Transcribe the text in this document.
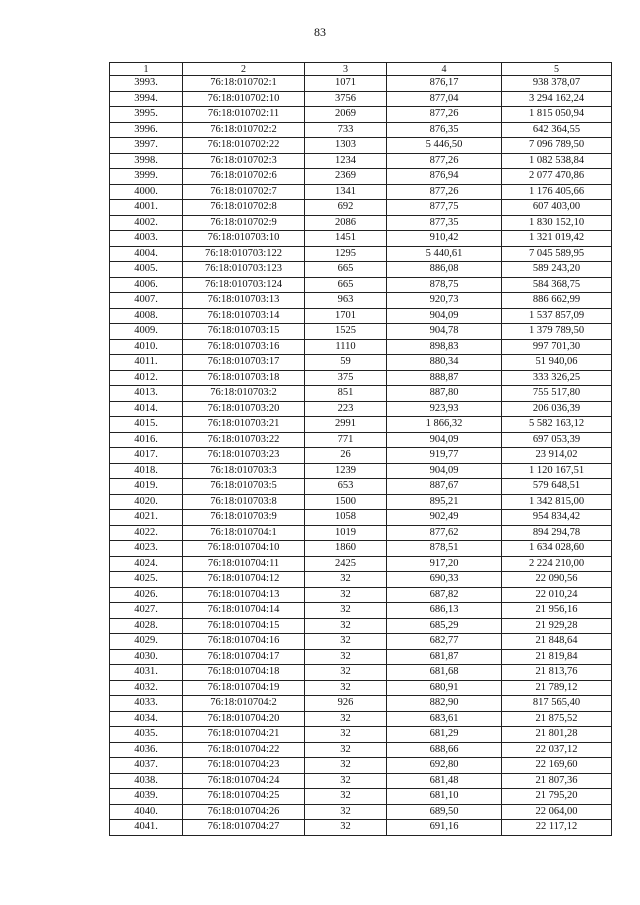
83
1	2	3	4	5
3993.	76:18:010702:1	1071	876,17	938 378,07
3994.	76:18:010702:10	3756	877,04	3 294 162,24
3995.	76:18:010702:11	2069	877,26	1 815 050,94
3996.	76:18:010702:2	733	876,35	642 364,55
3997.	76:18:010702:22	1303	5 446,50	7 096 789,50
3998.	76:18:010702:3	1234	877,26	1 082 538,84
3999.	76:18:010702:6	2369	876,94	2 077 470,86
4000.	76:18:010702:7	1341	877,26	1 176 405,66
4001.	76:18:010702:8	692	877,75	607 403,00
4002.	76:18:010702:9	2086	877,35	1 830 152,10
4003.	76:18:010703:10	1451	910,42	1 321 019,42
4004.	76:18:010703:122	1295	5 440,61	7 045 589,95
4005.	76:18:010703:123	665	886,08	589 243,20
4006.	76:18:010703:124	665	878,75	584 368,75
4007.	76:18:010703:13	963	920,73	886 662,99
4008.	76:18:010703:14	1701	904,09	1 537 857,09
4009.	76:18:010703:15	1525	904,78	1 379 789,50
4010.	76:18:010703:16	1110	898,83	997 701,30
4011.	76:18:010703:17	59	880,34	51 940,06
4012.	76:18:010703:18	375	888,87	333 326,25
4013.	76:18:010703:2	851	887,80	755 517,80
4014.	76:18:010703:20	223	923,93	206 036,39
4015.	76:18:010703:21	2991	1 866,32	5 582 163,12
4016.	76:18:010703:22	771	904,09	697 053,39
4017.	76:18:010703:23	26	919,77	23 914,02
4018.	76:18:010703:3	1239	904,09	1 120 167,51
4019.	76:18:010703:5	653	887,67	579 648,51
4020.	76:18:010703:8	1500	895,21	1 342 815,00
4021.	76:18:010703:9	1058	902,49	954 834,42
4022.	76:18:010704:1	1019	877,62	894 294,78
4023.	76:18:010704:10	1860	878,51	1 634 028,60
4024.	76:18:010704:11	2425	917,20	2 224 210,00
4025.	76:18:010704:12	32	690,33	22 090,56
4026.	76:18:010704:13	32	687,82	22 010,24
4027.	76:18:010704:14	32	686,13	21 956,16
4028.	76:18:010704:15	32	685,29	21 929,28
4029.	76:18:010704:16	32	682,77	21 848,64
4030.	76:18:010704:17	32	681,87	21 819,84
4031.	76:18:010704:18	32	681,68	21 813,76
4032.	76:18:010704:19	32	680,91	21 789,12
4033.	76:18:010704:2	926	882,90	817 565,40
4034.	76:18:010704:20	32	683,61	21 875,52
4035.	76:18:010704:21	32	681,29	21 801,28
4036.	76:18:010704:22	32	688,66	22 037,12
4037.	76:18:010704:23	32	692,80	22 169,60
4038.	76:18:010704:24	32	681,48	21 807,36
4039.	76:18:010704:25	32	681,10	21 795,20
4040.	76:18:010704:26	32	689,50	22 064,00
4041.	76:18:010704:27	32	691,16	22 117,12
